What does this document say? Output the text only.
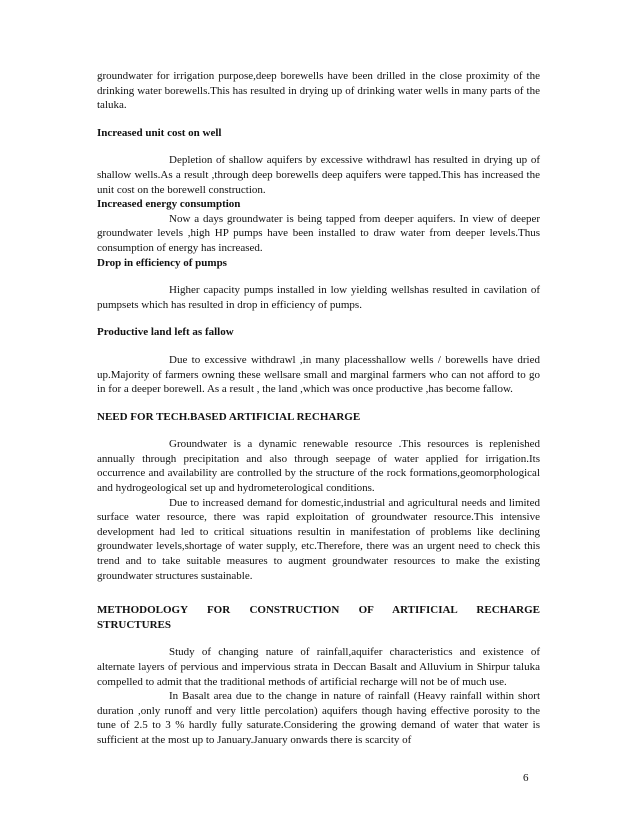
groundwater for irrigation purpose,deep borewells have been drilled in the close proximity of the drinking water borewells.This has resulted in drying up of drinking water wells in many parts of the taluka.

Increased unit cost on well

Depletion of shallow aquifers by excessive withdrawl has resulted in drying up of shallow wells.As a result ,through deep borewells deep aquifers were tapped.This has increased the unit cost on the borewell construction.

Increased energy consumption

Now a days groundwater is being tapped from deeper aquifers. In view of deeper groundwater levels ,high HP pumps have been installed to draw water from deeper levels.Thus consumption of energy has increased.

Drop in efficiency of pumps

Higher capacity pumps installed in low yielding wellshas resulted in cavilation of pumpsets which has resulted in drop in efficiency of pumps.

Productive land left as fallow

Due to excessive withdrawl ,in many placesshallow wells / borewells have dried up.Majority of farmers owning these wellsare small and marginal farmers who can not afford to go in for a deeper borewell. As a result , the land ,which was once productive ,has become fallow.

NEED FOR TECH.BASED ARTIFICIAL RECHARGE

Groundwater is a dynamic renewable resource .This resources is replenished annually through precipitation and also through seepage of water applied for irrigation.Its occurrence and availability are controlled by the structure of the rock formations,geomorphological and hydrogeological set up and hydrometerological conditions.

Due to increased demand for domestic,industrial and agricultural needs and limited surface water resource, there was rapid exploitation of groundwater resource.This intensive development had led to critical situations resultin in manifestation of problems like declining groundwater levels,shortage of water supply, etc.Therefore, there was an urgent need to check this trend and to take suitable measures to augment groundwater resources to make the existing groundwater structures sustainable.

METHODOLOGY FOR CONSTRUCTION OF ARTIFICIAL RECHARGE
STRUCTURES

Study of changing nature of rainfall,aquifer characteristics and existence of alternate layers of pervious and impervious strata in Deccan Basalt and Alluvium in Shirpur taluka compelled to admit that the traditional methods of artificial recharge will not be of much use.

In Basalt area due to the change in nature of rainfall (Heavy rainfall within short duration ,only runoff and very little percolation) aquifers though having effective porosity to the tune of 2.5 to 3 % hardly fully saturate.Considering the growing demand of water that water is sufficient at the most up to January.January onwards there is scarcity of

6
